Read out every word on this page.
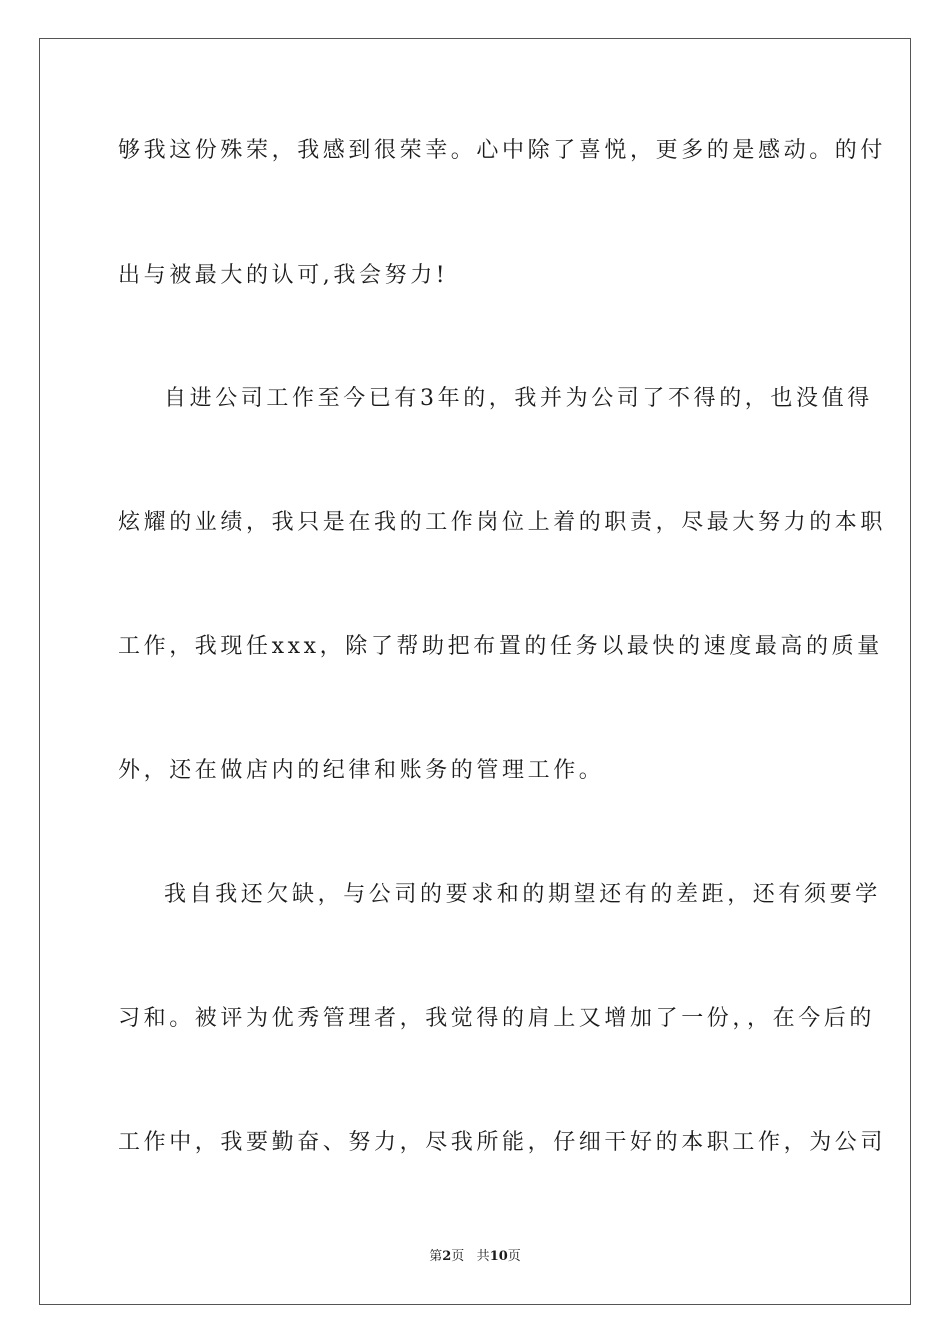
够我这份殊荣，我感到很荣幸。心中除了喜悦，更多的是感动。的付
出与被最大的认可,我会努力!
自进公司工作至今已有3年的，我并为公司了不得的，也没值得
炫耀的业绩，我只是在我的工作岗位上着的职责，尽最大努力的本职
工作，我现任xxx，除了帮助把布置的任务以最快的速度最高的质量
外，还在做店内的纪律和账务的管理工作。
我自我还欠缺，与公司的要求和的期望还有的差距，还有须要学
习和。被评为优秀管理者，我觉得的肩上又增加了一份，，在今后的
工作中，我要勤奋、努力，尽我所能，仔细干好的本职工作，为公司
第2页 共10页
